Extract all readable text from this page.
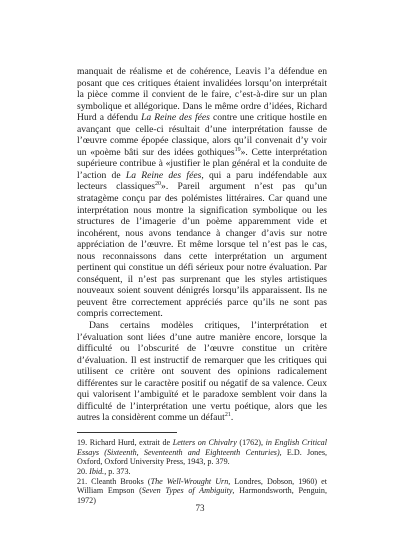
manquait de réalisme et de cohérence, Leavis l’a défendue en posant que ces critiques étaient invalidées lorsqu’on interprétait la pièce comme il convient de le faire, c’est-à-dire sur un plan symbolique et allégorique. Dans le même ordre d’idées, Richard Hurd a défendu La Reine des fées contre une critique hostile en avançant que celle-ci résultait d’une interprétation fausse de l’œuvre comme épopée classique, alors qu’il convenait d’y voir un «poème bâti sur des idées gothiques$^{19}$». Cette interprétation supérieure contribue à «justifier le plan général et la conduite de l’action de La Reine des fées, qui a paru indéfendable aux lecteurs classiques$^{20}$». Pareil argument n’est pas qu’un stratagème conçu par des polémistes littéraires. Car quand une interprétation nous montre la signification symbolique ou les structures de l’imagerie d’un poème apparemment vide et incohérent, nous avons tendance à changer d’avis sur notre appréciation de l’œuvre. Et même lorsque tel n’est pas le cas, nous reconnaissons dans cette interprétation un argument pertinent qui constitue un défi sérieux pour notre évaluation. Par conséquent, il n’est pas surprenant que les styles artistiques nouveaux soient souvent dénigrés lorsqu’ils apparaissent. Ils ne peuvent être correctement appréciés parce qu’ils ne sont pas compris correctement.

Dans certains modèles critiques, l’interprétation et l’évaluation sont liées d’une autre manière encore, lorsque la difficulté ou l’obscurité de l’œuvre constitue un critère d’évaluation. Il est instructif de remarquer que les critiques qui utilisent ce critère ont souvent des opinions radicalement différentes sur le caractère positif ou négatif de sa valence. Ceux qui valorisent l’ambiguïté et le paradoxe semblent voir dans la difficulté de l’interprétation une vertu poétique, alors que les autres la considèrent comme un défaut$^{21}$.

19. Richard Hurd, extrait de Letters on Chivalry (1762), in English Critical Essays (Sixteenth, Seventeenth and Eighteenth Centuries), E.D. Jones, Oxford, Oxford University Press, 1943, p. 379.

20. Ibid., p. 373.

21. Cleanth Brooks (The Well-Wrought Urn, Londres, Dobson, 1960) et William Empson (Seven Types of Ambiguity, Harmondsworth, Penguin, 1972)

73
